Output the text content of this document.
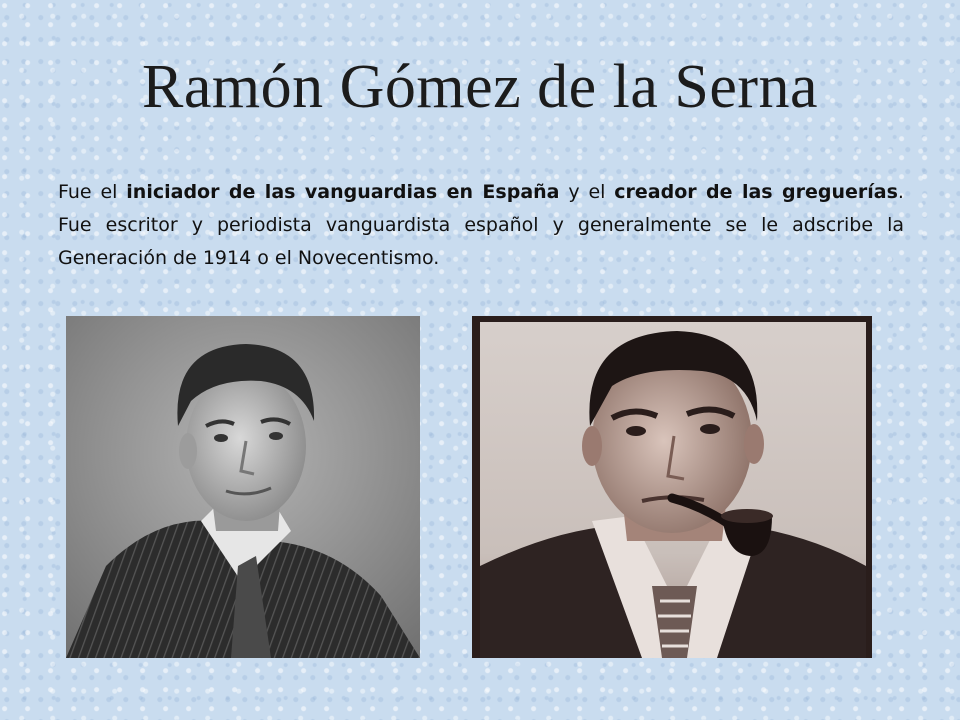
Ramón Gómez de la Serna

Fue el iniciador de las vanguardias en España y el creador de las greguerías. Fue escritor y periodista vanguardista español y generalmente se le adscribe la Generación de 1914 o el Novecentismo.
